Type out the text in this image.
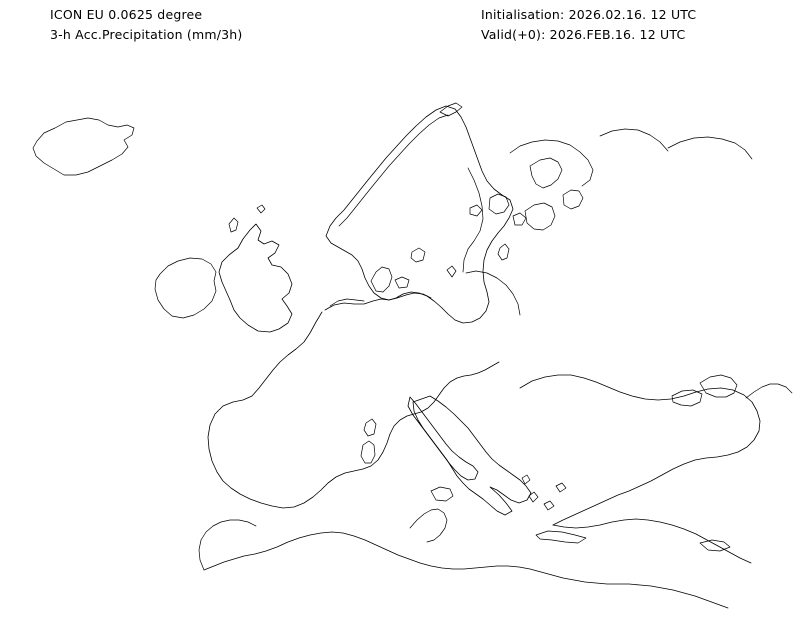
ICON EU 0.0625 degree
3-h Acc.Precipitation (mm/3h)
Initialisation: 2026.02.16. 12 UTC
Valid(+0): 2026.FEB.16. 12 UTC
